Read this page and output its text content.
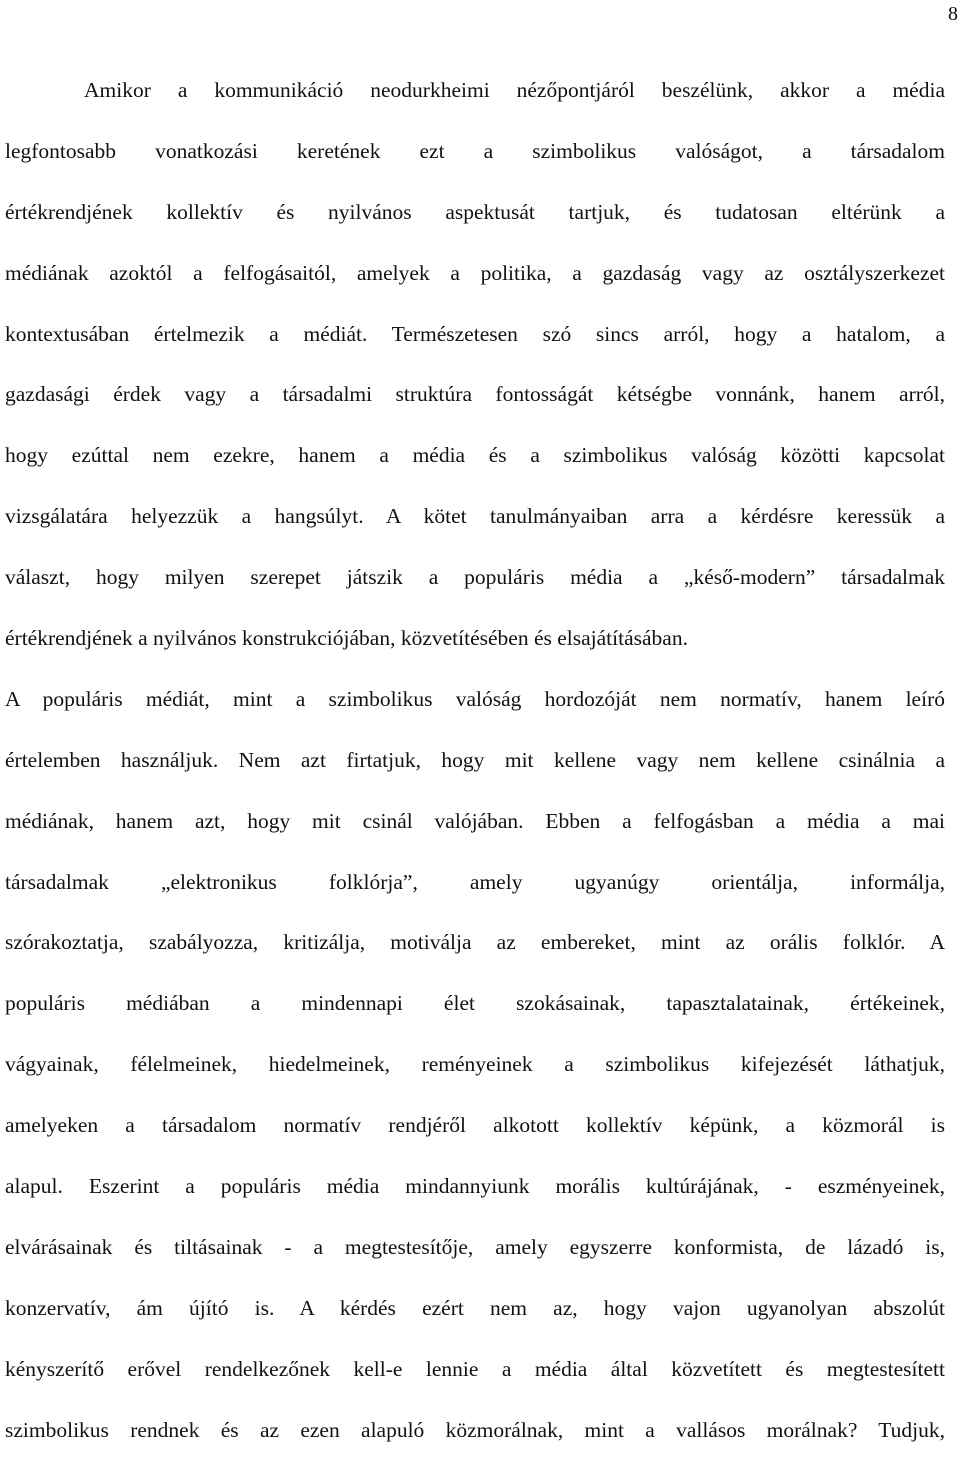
8
Amikor a kommunikáció neodurkheimi nézőpontjáról beszélünk, akkor a média
legfontosabb vonatkozási keretének ezt a szimbolikus valóságot, a társadalom
értékrendjének kollektív és nyilvános aspektusát tartjuk, és tudatosan eltérünk a
médiának azoktól a felfogásaitól, amelyek a politika, a gazdaság vagy az osztályszerkezet
kontextusában értelmezik a médiát. Természetesen szó sincs arról, hogy a hatalom, a
gazdasági érdek vagy a társadalmi struktúra fontosságát kétségbe vonnánk, hanem arról,
hogy ezúttal nem ezekre, hanem a média és a szimbolikus valóság közötti kapcsolat
vizsgálatára helyezzük a hangsúlyt. A kötet tanulmányaiban arra a kérdésre keressük a
választ, hogy milyen szerepet játszik a populáris média a „késő-modern” társadalmak
értékrendjének a nyilvános konstrukciójában, közvetítésében és elsajátításában.
A populáris médiát, mint a szimbolikus valóság hordozóját nem normatív, hanem leíró
értelemben használjuk. Nem azt firtatjuk, hogy mit kellene vagy nem kellene csinálnia a
médiának, hanem azt, hogy mit csinál valójában. Ebben a felfogásban a média a mai
társadalmak „elektronikus folklórja”, amely ugyanúgy orientálja, informálja,
szórakoztatja, szabályozza, kritizálja, motiválja az embereket, mint az orális folklór. A
populáris médiában a mindennapi élet szokásainak, tapasztalatainak, értékeinek,
vágyainak, félelmeinek, hiedelmeinek, reményeinek a szimbolikus kifejezését láthatjuk,
amelyeken a társadalom normatív rendjéről alkotott kollektív képünk, a közmorál is
alapul. Eszerint a populáris média mindannyiunk morális kultúrájának, - eszményeinek,
elvárásainak és tiltásainak - a megtestesítője, amely egyszerre konformista, de lázadó is,
konzervatív, ám újító is. A kérdés ezért nem az, hogy vajon ugyanolyan abszolút
kényszerítő erővel rendelkezőnek kell-e lennie a média által közvetített és megtestesített
szimbolikus rendnek és az ezen alapuló közmorálnak, mint a vallásos morálnak? Tudjuk,
